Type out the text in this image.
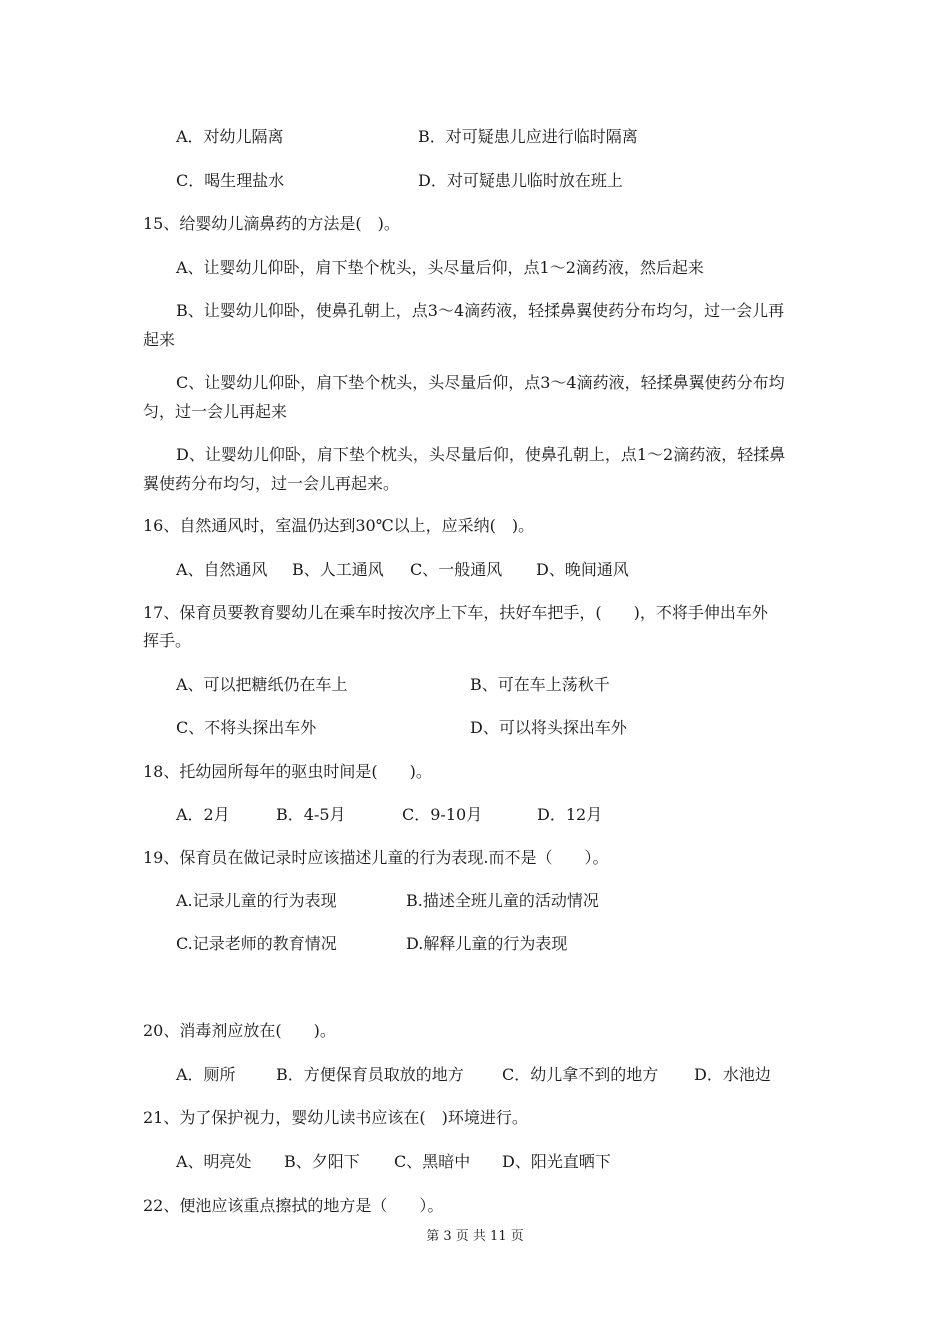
A．对幼儿隔离	B．对可疑患儿应进行临时隔离
C．喝生理盐水	D．对可疑患儿临时放在班上
15、给婴幼儿滴鼻药的方法是(　)。
A、让婴幼儿仰卧，肩下垫个枕头，头尽量后仰，点1～2滴药液，然后起来
B、让婴幼儿仰卧，使鼻孔朝上，点3～4滴药液，轻揉鼻翼使药分布均匀，过一会儿再
起来
C、让婴幼儿仰卧，肩下垫个枕头，头尽量后仰，点3～4滴药液，轻揉鼻翼使药分布均
匀，过一会儿再起来
D、让婴幼儿仰卧，肩下垫个枕头，头尽量后仰，使鼻孔朝上，点1～2滴药液，轻揉鼻
翼使药分布均匀，过一会儿再起来。
16、自然通风时，室温仍达到30℃以上，应采纳(　)。
A、自然通风 B、人工通风 C、一般通风 D、晚间通风
17、保育员要教育婴幼儿在乘车时按次序上下车，扶好车把手，(　　)，不将手伸出车外
挥手。
A、可以把糖纸仍在车上	B、可在车上荡秋千
C、不将头探出车外	D、可以将头探出车外
18、托幼园所每年的驱虫时间是(　　)。
A．2月	B．4-5月	C．9-10月	D．12月
19、保育员在做记录时应该描述儿童的行为表现.而不是（　　）。
A.记录儿童的行为表现	B.描述全班儿童的活动情况
C.记录老师的教育情况	D.解释儿童的行为表现
20、消毒剂应放在(　　)。
A．厕所	B．方便保育员取放的地方 C．幼儿拿不到的地方 D．水池边
21、为了保护视力，婴幼儿读书应该在(　)环境进行。
A、明亮处 B、夕阳下 C、黑暗中 D、阳光直晒下
22、便池应该重点擦拭的地方是（　　）。
第 3 页 共 11 页
